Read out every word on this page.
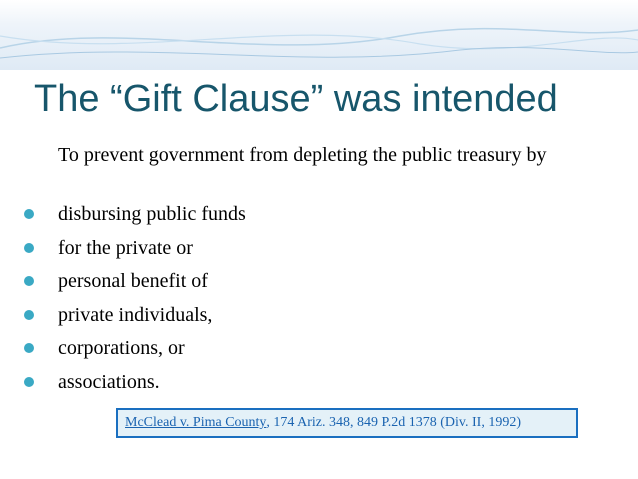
The “Gift Clause” was intended
To prevent government from depleting the public treasury by
disbursing public funds
for the private or
personal benefit of
private individuals,
corporations, or
associations.
McClead v. Pima County , 174 Ariz. 348, 849 P.2d 1378 (Div. II, 1992)
